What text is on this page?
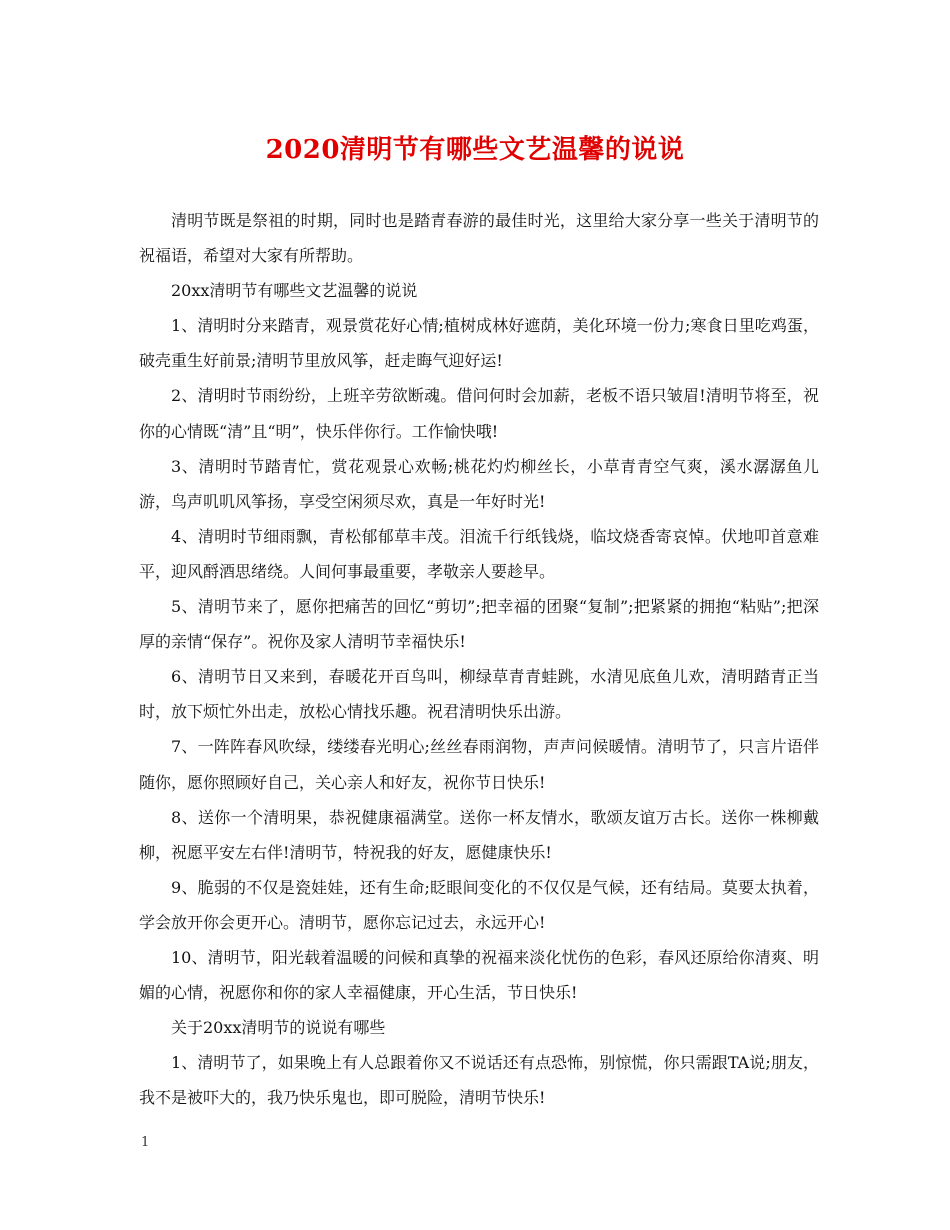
2020清明节有哪些文艺温馨的说说

清明节既是祭祖的时期，同时也是踏青春游的最佳时光，这里给大家分享一些关于清明节的祝福语，希望对大家有所帮助。

20xx清明节有哪些文艺温馨的说说

1、清明时分来踏青，观景赏花好心情;植树成林好遮荫，美化环境一份力;寒食日里吃鸡蛋，破壳重生好前景;清明节里放风筝，赶走晦气迎好运!

2、清明时节雨纷纷，上班辛劳欲断魂。借问何时会加薪，老板不语只皱眉!清明节将至，祝你的心情既“清”且“明”，快乐伴你行。工作愉快哦!

3、清明时节踏青忙，赏花观景心欢畅;桃花灼灼柳丝长，小草青青空气爽，溪水潺潺鱼儿游，鸟声叽叽风筝扬，享受空闲须尽欢，真是一年好时光!

4、清明时节细雨飘，青松郁郁草丰茂。泪流千行纸钱烧，临坟烧香寄哀悼。伏地叩首意难平，迎风酹酒思绪绕。人间何事最重要，孝敬亲人要趁早。

5、清明节来了，愿你把痛苦的回忆“剪切”;把幸福的团聚“复制”;把紧紧的拥抱“粘贴”;把深厚的亲情“保存”。祝你及家人清明节幸福快乐!

6、清明节日又来到，春暖花开百鸟叫，柳绿草青青蛙跳，水清见底鱼儿欢，清明踏青正当时，放下烦忙外出走，放松心情找乐趣。祝君清明快乐出游。

7、一阵阵春风吹绿，缕缕春光明心;丝丝春雨润物，声声问候暖情。清明节了，只言片语伴随你，愿你照顾好自己，关心亲人和好友，祝你节日快乐!

8、送你一个清明果，恭祝健康福满堂。送你一杯友情水，歌颂友谊万古长。送你一株柳戴柳，祝愿平安左右伴!清明节，特祝我的好友，愿健康快乐!

9、脆弱的不仅是瓷娃娃，还有生命;眨眼间变化的不仅仅是气候，还有结局。莫要太执着，学会放开你会更开心。清明节，愿你忘记过去，永远开心!

10、清明节，阳光载着温暖的问候和真挚的祝福来淡化忧伤的色彩，春风还原给你清爽、明媚的心情，祝愿你和你的家人幸福健康，开心生活，节日快乐!

关于20xx清明节的说说有哪些

1、清明节了，如果晚上有人总跟着你又不说话还有点恐怖，别惊慌，你只需跟TA说;朋友，我不是被吓大的，我乃快乐鬼也，即可脱险，清明节快乐!

1
